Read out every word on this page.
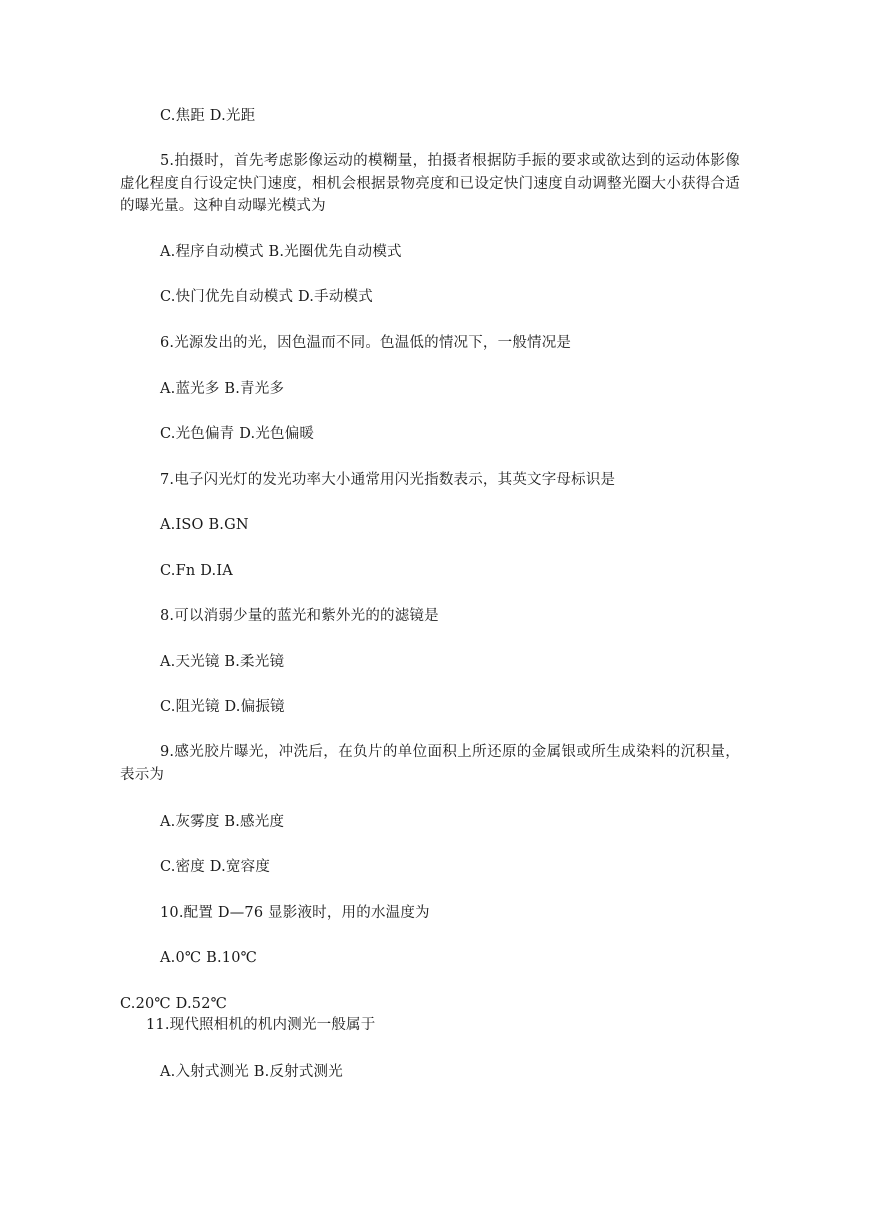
C.焦距 D.光距
5.拍摄时，首先考虑影像运动的模糊量，拍摄者根据防手振的要求或欲达到的运动体影像虚化程度自行设定快门速度，相机会根据景物亮度和已设定快门速度自动调整光圈大小获得合适的曝光量。这种自动曝光模式为
A.程序自动模式 B.光圈优先自动模式
C.快门优先自动模式 D.手动模式
6.光源发出的光，因色温而不同。色温低的情况下，一般情况是
A.蓝光多 B.青光多
C.光色偏青 D.光色偏暖
7.电子闪光灯的发光功率大小通常用闪光指数表示，其英文字母标识是
A.ISO B.GN
C.Fn D.IA
8.可以消弱少量的蓝光和紫外光的的滤镜是
A.天光镜 B.柔光镜
C.阻光镜 D.偏振镜
9.感光胶片曝光，冲洗后，在负片的单位面积上所还原的金属银或所生成染料的沉积量，表示为
A.灰雾度 B.感光度
C.密度 D.宽容度
10.配置 D—76 显影液时，用的水温度为
A.0℃ B.10℃
C.20℃ D.52℃
11.现代照相机的机内测光一般属于
A.入射式测光 B.反射式测光
